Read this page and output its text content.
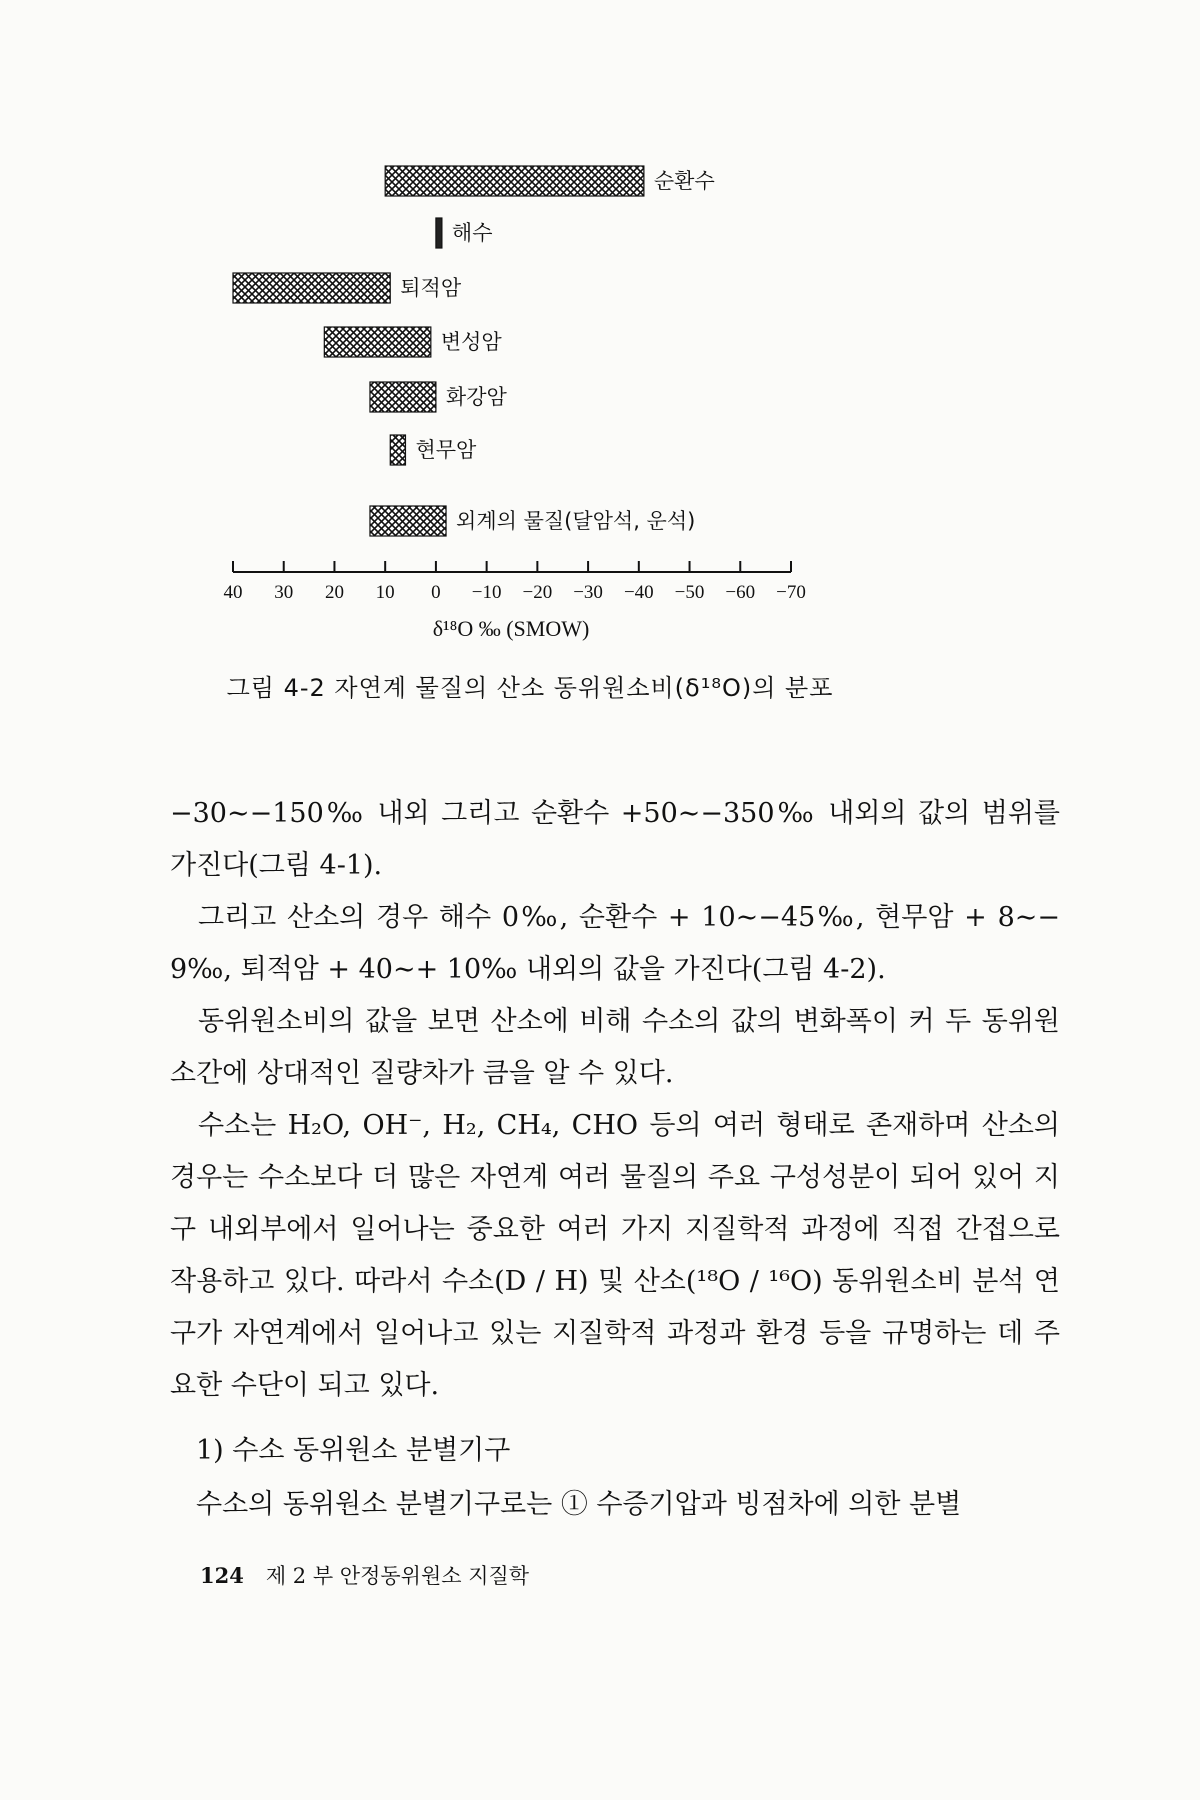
순환수
해수
퇴적암
변성암
화강암
현무암
외계의 물질(달암석, 운석)
40 30 20 10 0 −10 −20 −30 −40 −50 −60 −70
δ¹⁸O ‰ (SMOW)
그림 4-2 자연계 물질의 산소 동위원소비(δ¹⁸O)의 분포

−30∼−150‰ 내외 그리고 순환수 +50∼−350‰ 내외의 값의 범위를 가진다(그림 4-1).

그리고 산소의 경우 해수 0‰, 순환수 + 10∼−45‰, 현무암 + 8∼− 9‰, 퇴적암 + 40∼+ 10‰ 내외의 값을 가진다(그림 4-2).

동위원소비의 값을 보면 산소에 비해 수소의 값의 변화폭이 커 두 동위원소간에 상대적인 질량차가 큼을 알 수 있다.

수소는 H₂O, OH⁻, H₂, CH₄, CHO 등의 여러 형태로 존재하며 산소의 경우는 수소보다 더 많은 자연계 여러 물질의 주요 구성성분이 되어 있어 지구 내외부에서 일어나는 중요한 여러 가지 지질학적 과정에 직접 간접으로 작용하고 있다. 따라서 수소(D / H) 및 산소(¹⁸O / ¹⁶O) 동위원소비 분석 연구가 자연계에서 일어나고 있는 지질학적 과정과 환경 등을 규명하는 데 주요한 수단이 되고 있다.

1) 수소 동위원소 분별기구
수소의 동위원소 분별기구로는 ① 수증기압과 빙점차에 의한 분별
124 제 2 부 안정동위원소 지질학
